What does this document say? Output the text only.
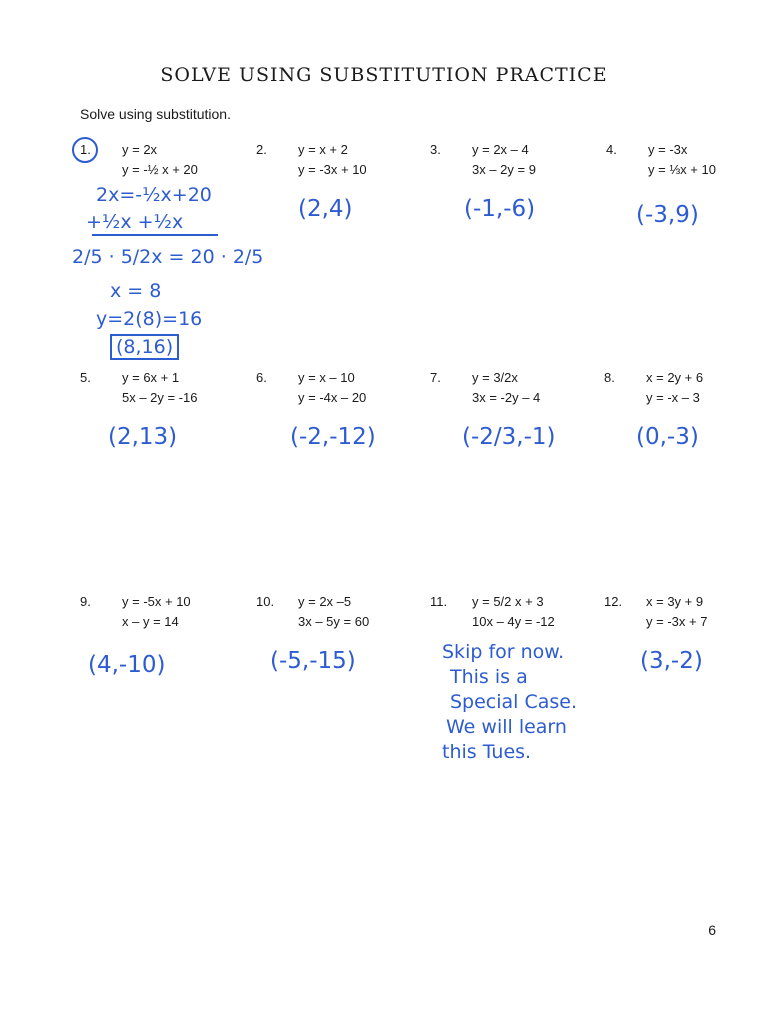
SOLVE USING SUBSTITUTION PRACTICE
Solve using substitution.
1. y = 2x
y = -½ x + 20
2x=-½x+20
+½x +½x
2/5 · 5/2x = 20 · 2/5
x = 8
y=2(8)=16
(8,16)
2. y = x + 2
y = -3x + 10
(2,4)
3. y = 2x – 4
3x – 2y = 9
(-1,-6)
4. y = -3x
y = ⅓x + 10
(-3,9)
5. y = 6x + 1
5x – 2y = -16
(2,13)
6. y = x – 10
y = -4x – 20
(-2,-12)
7. y = 3/2x
3x = -2y – 4
(-2/3,-1)
8. x = 2y + 6
y = -x – 3
(0,-3)
9. y = -5x + 10
x – y = 14
(4,-10)
10. y = 2x –5
3x – 5y = 60
(-5,-15)
11. y = 5/2 x + 3
10x – 4y = -12
Skip for now.
This is a
Special Case.
We will learn
this Tues.
12. x = 3y + 9
y = -3x + 7
(3,-2)
6
